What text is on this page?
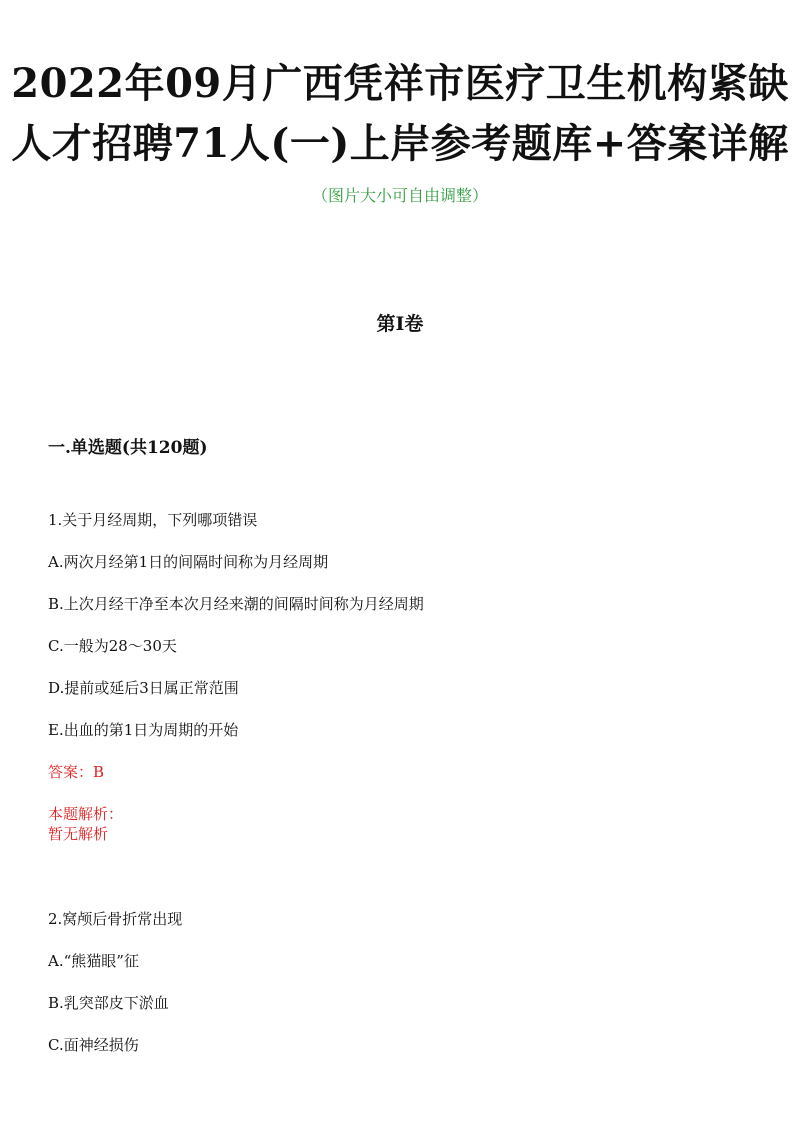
2022年09月广西凭祥市医疗卫生机构紧缺
人才招聘71人(一)上岸参考题库+答案详解
（图片大小可自由调整）
第I卷
一.单选题(共120题)
1.关于月经周期，下列哪项错误
A.两次月经第1日的间隔时间称为月经周期
B.上次月经干净至本次月经来潮的间隔时间称为月经周期
C.一般为28～30天
D.提前或延后3日属正常范围
E.出血的第1日为周期的开始
答案：B
本题解析：
暂无解析
2.窝颅后骨折常出现
A.“熊猫眼”征
B.乳突部皮下淤血
C.面神经损伤
